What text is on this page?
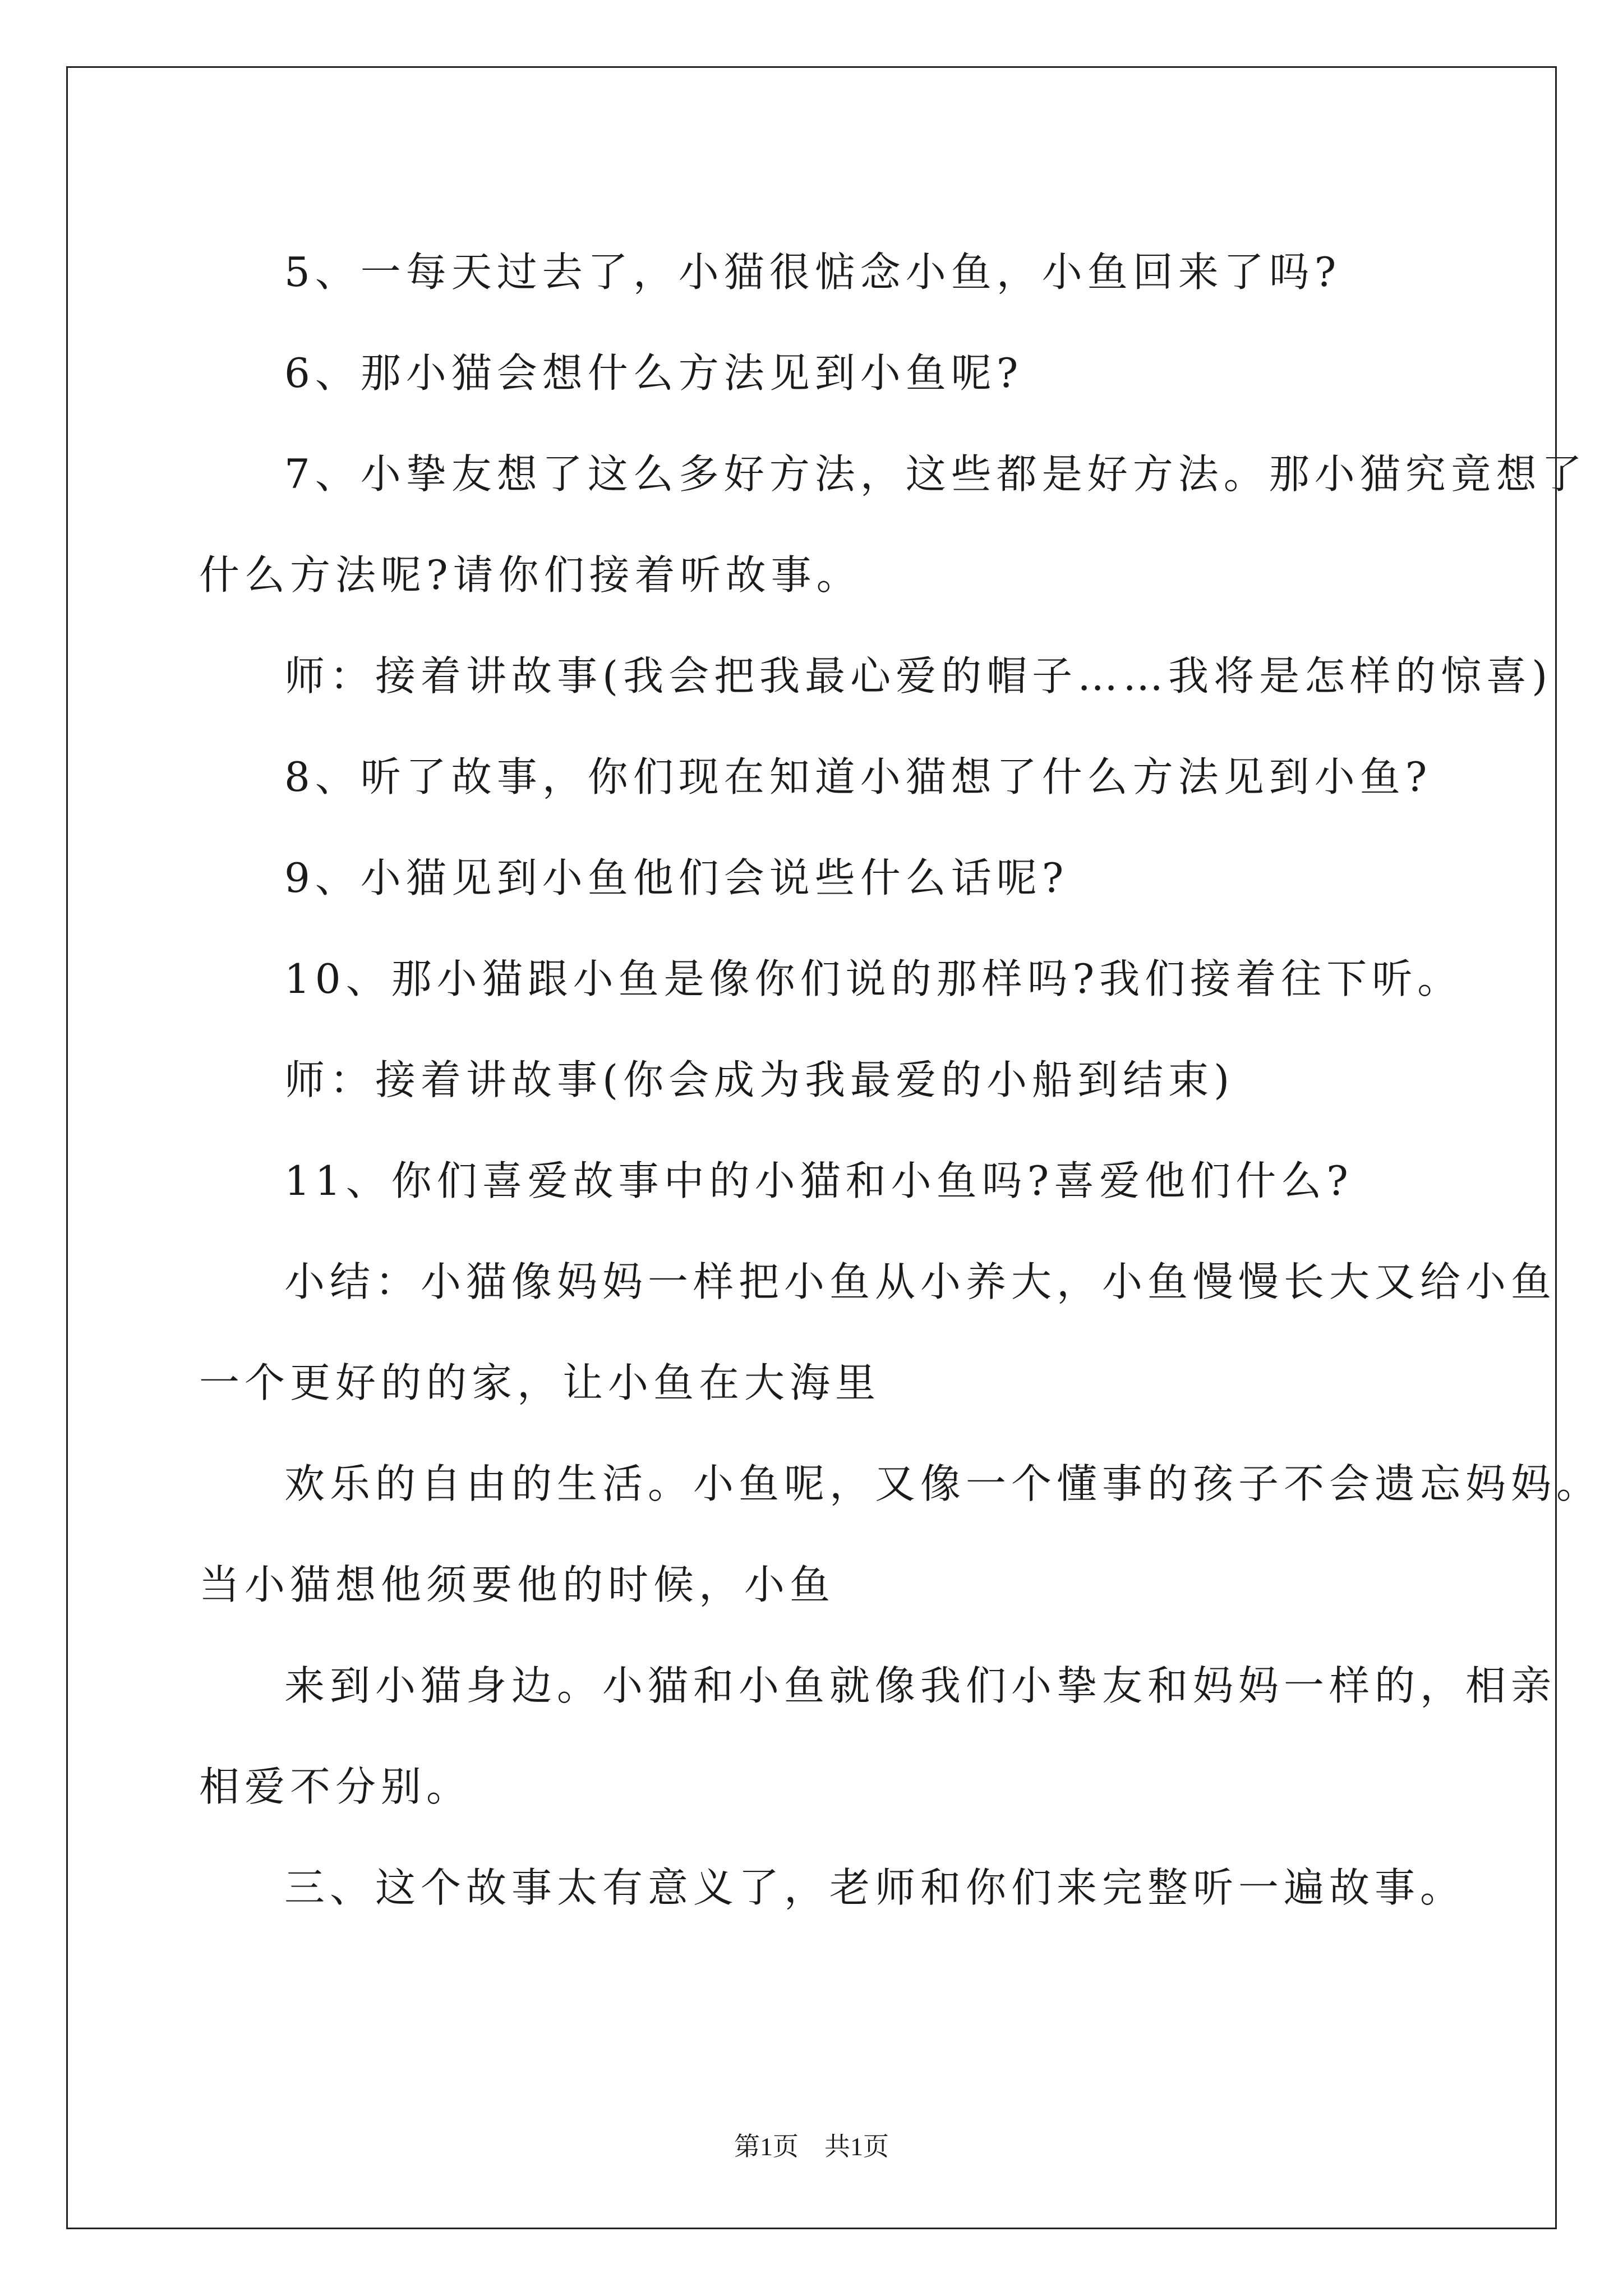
5、一每天过去了，小猫很惦念小鱼，小鱼回来了吗?

6、那小猫会想什么方法见到小鱼呢?

7、小挚友想了这么多好方法，这些都是好方法。那小猫究竟想了

什么方法呢?请你们接着听故事。

师：接着讲故事(我会把我最心爱的帽子……我将是怎样的惊喜)

8、听了故事，你们现在知道小猫想了什么方法见到小鱼?

9、小猫见到小鱼他们会说些什么话呢?

10、那小猫跟小鱼是像你们说的那样吗?我们接着往下听。

师：接着讲故事(你会成为我最爱的小船到结束)

11、你们喜爱故事中的小猫和小鱼吗?喜爱他们什么?

小结：小猫像妈妈一样把小鱼从小养大，小鱼慢慢长大又给小鱼

一个更好的的家，让小鱼在大海里

欢乐的自由的生活。小鱼呢，又像一个懂事的孩子不会遗忘妈妈。

当小猫想他须要他的时候，小鱼

来到小猫身边。小猫和小鱼就像我们小挚友和妈妈一样的，相亲

相爱不分别。

三、这个故事太有意义了，老师和你们来完整听一遍故事。

第1页    共1页
